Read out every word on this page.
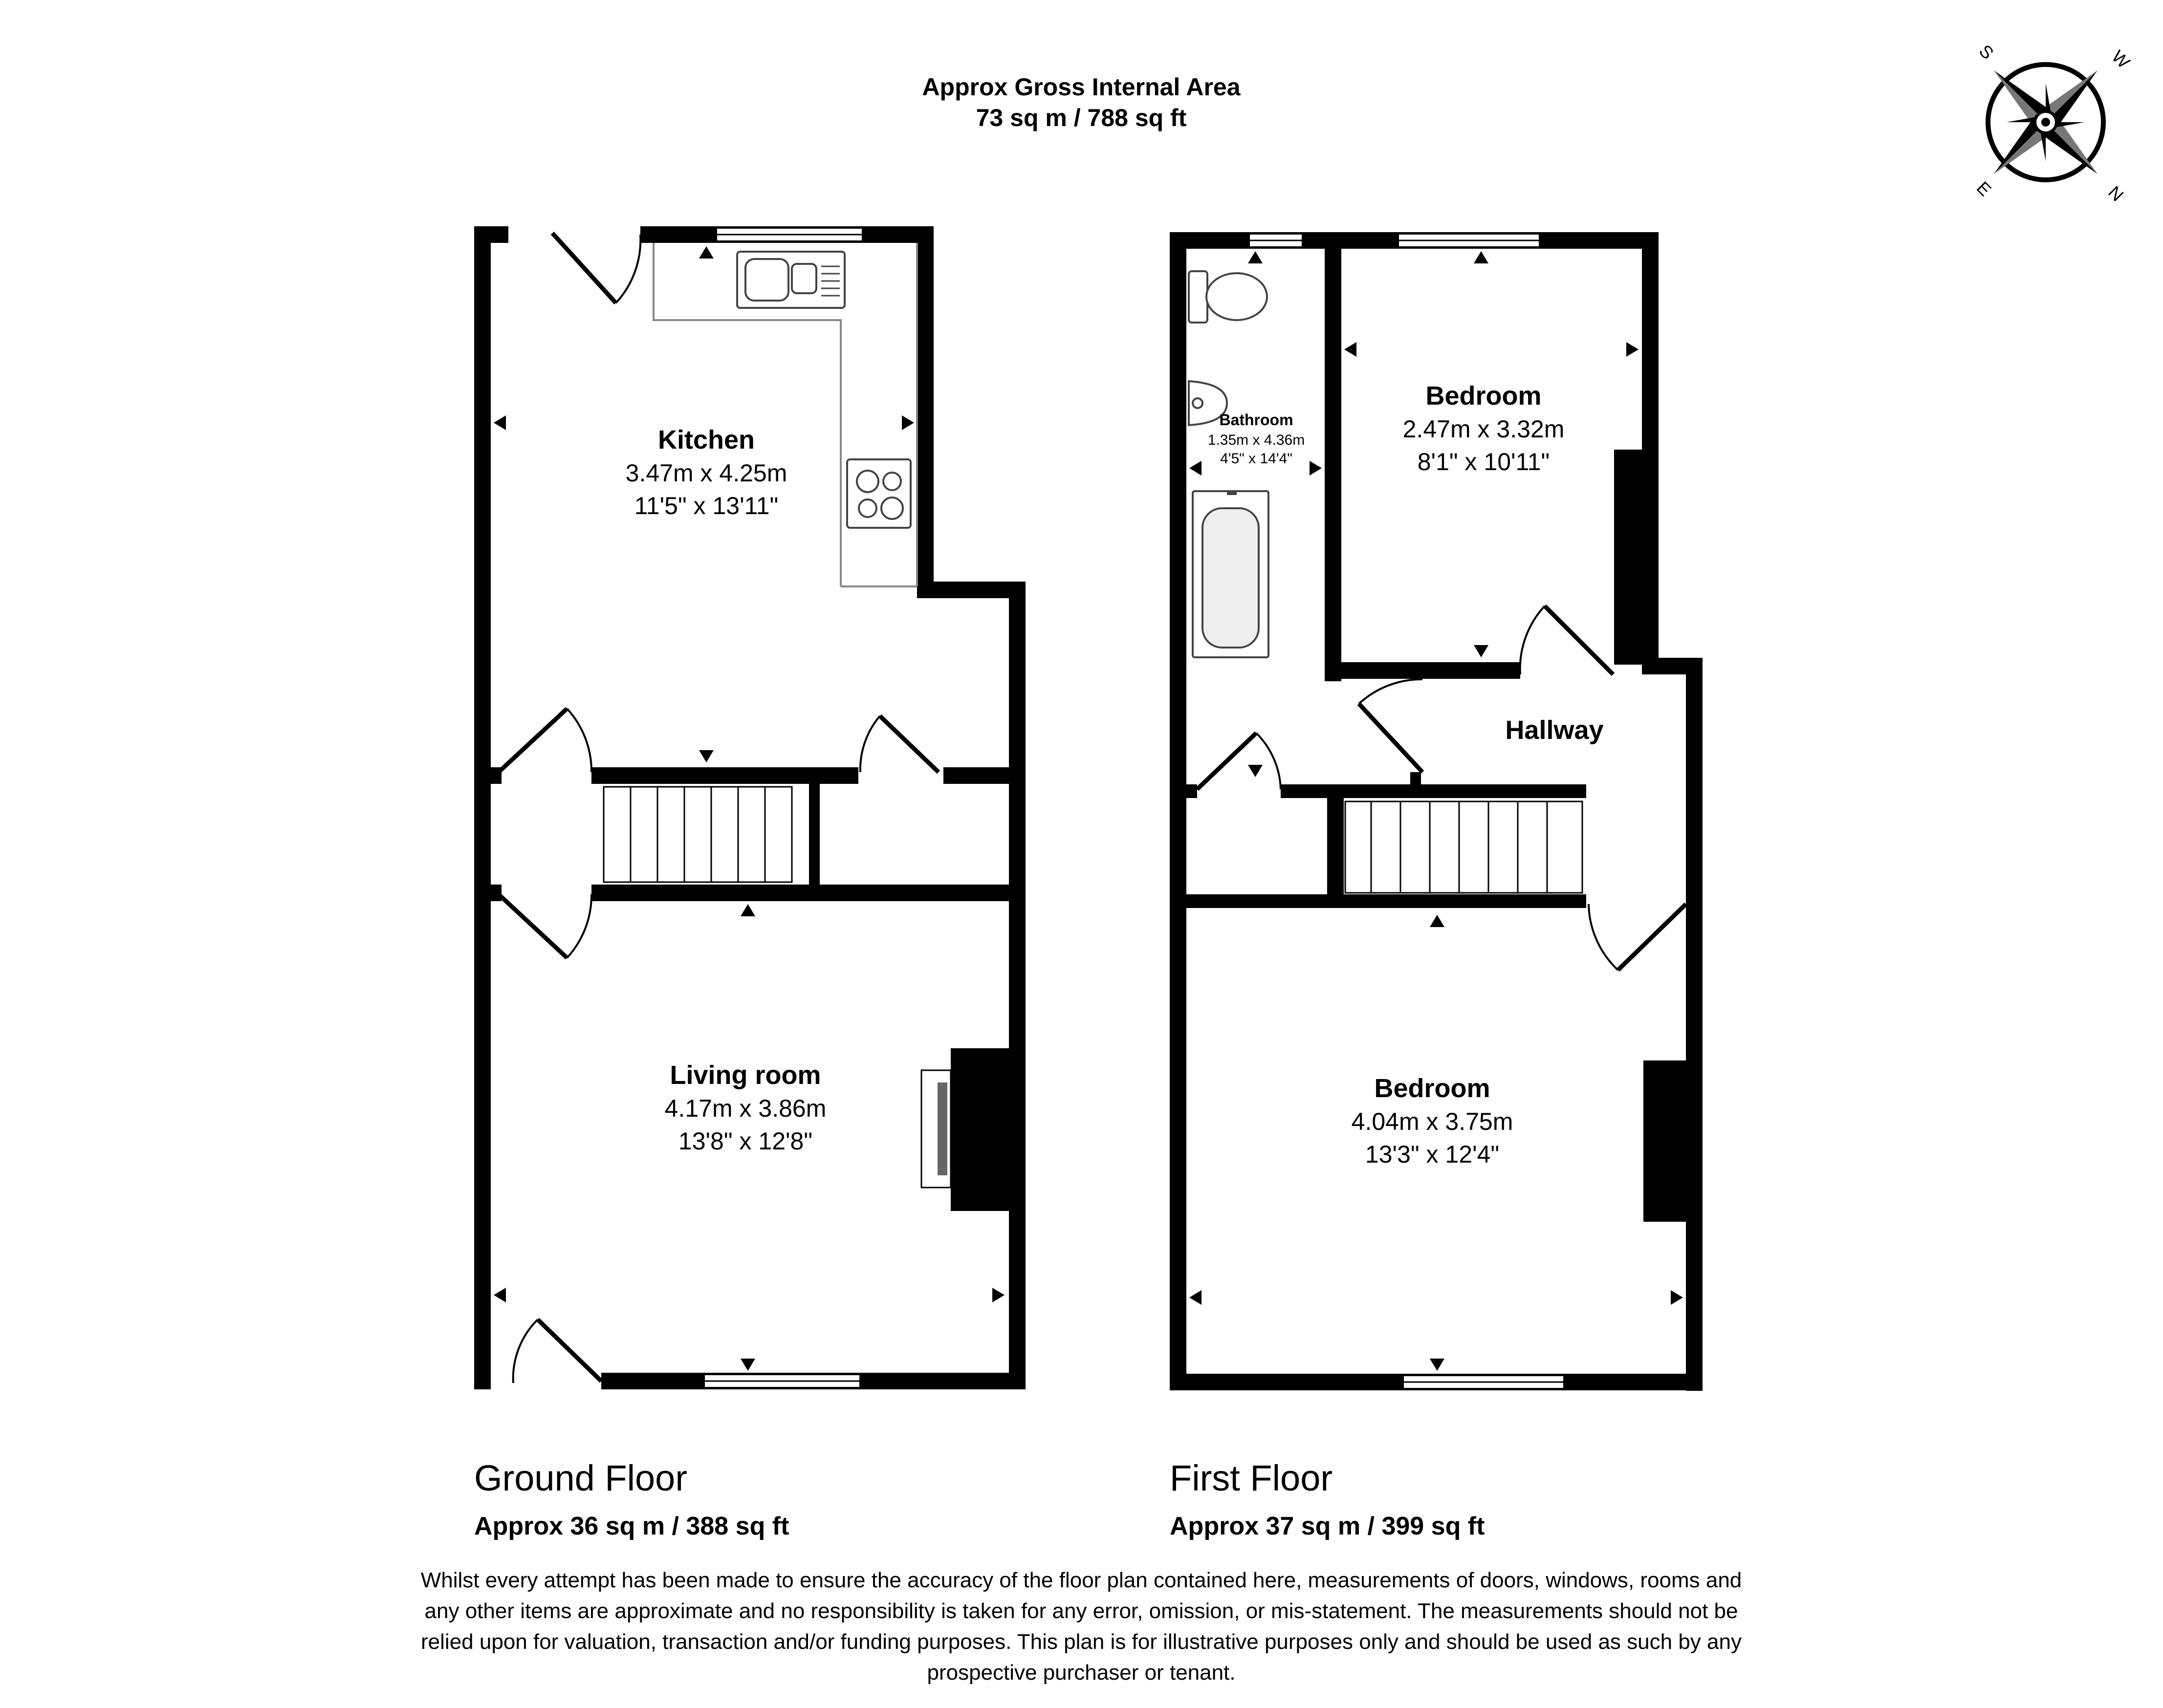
Approx Gross Internal Area
73 sq m / 788 sq ft
S	W
N
E
Kitchen
3.47m x 4.25m
11'5" x 13'11"
Living room
4.17m x 3.86m
13'8" x 12'8"
Bathroom
1.35m x 4.36m
4'5" x 14'4"
Bedroom
2.47m x 3.32m
8'1" x 10'11"
Hallway
Bedroom
4.04m x 3.75m
13'3" x 12'4"
Ground Floor
Approx 36 sq m / 388 sq ft
First Floor
Approx 37 sq m / 399 sq ft
Whilst every attempt has been made to ensure the accuracy of the floor plan contained here, measurements of doors, windows, rooms and
any other items are approximate and no responsibility is taken for any error, omission, or mis-statement. The measurements should not be
relied upon for valuation, transaction and/or funding purposes. This plan is for illustrative purposes only and should be used as such by any
prospective purchaser or tenant.
